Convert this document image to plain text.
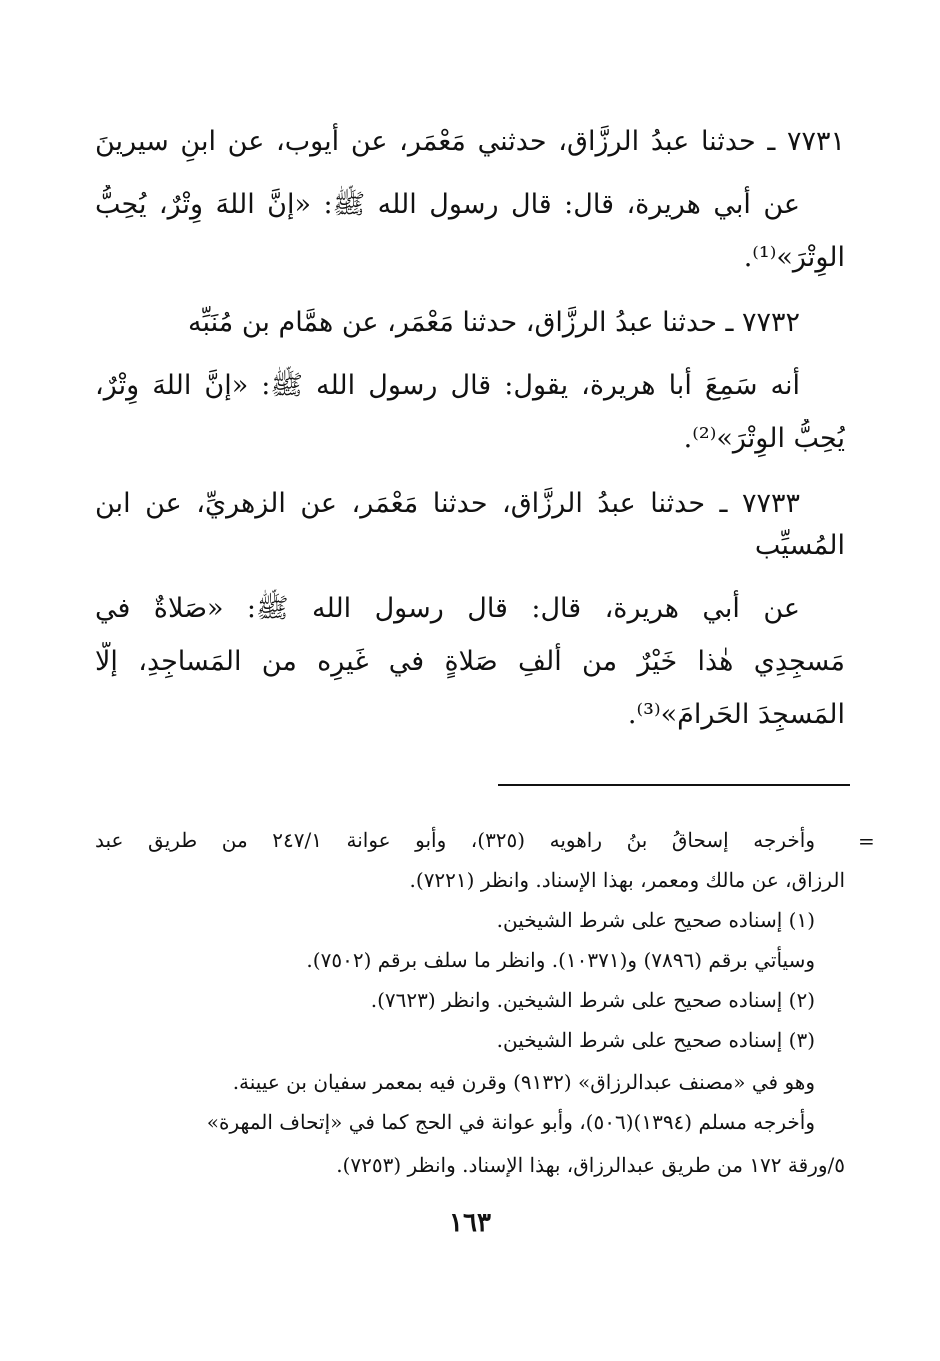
٧٧٣١ ـ حدثنا عبدُ الرزَّاق، حدثني مَعْمَر، عن أيوب، عن ابنِ سيرينَ
عن أَبي هريرة، قال: قال رسول الله ﷺ: «إنَّ اللهَ وِتْرٌ، يُحِبُّ
الوِتْرَ»⁽¹⁾.
٧٧٣٢ ـ حدثنا عبدُ الرزَّاق، حدثنا مَعْمَر، عن همَّام بن مُنَبِّه
أنه سَمِعَ أَبا هريرة، يقول: قال رسول الله ﷺ: «إنَّ اللهَ وِتْرٌ،
يُحِبُّ الوِتْرَ»⁽²⁾.
٧٧٣٣ ـ حدثنا عبدُ الرزَّاق، حدثنا مَعْمَر، عن الزهريِّ، عن ابن
المُسيِّب
عن أَبي هريرة، قال: قال رسول الله ﷺ: «صَلاةٌ في
مَسجِدِي هٰذا خَيْرٌ من ألفِ صَلاةٍ في غَيرِه من المَساجِدِ، إلَّا
المَسجِدَ الحَرامَ»⁽³⁾.
=
وأخرجه إسحاقُ بنُ راهويه (٣٢٥)، وأبو عوانة ٢٤٧/١ من طريق عبد
الرزاق، عن مالك ومعمر، بهذا الإسناد. وانظر (٧٢٢١).
(١) إسناده صحيح على شرط الشيخين.
وسيأتي برقم (٧٨٩٦) و(١٠٣٧١). وانظر ما سلف برقم (٧٥٠٢).
(٢) إسناده صحيح على شرط الشيخين. وانظر (٧٦٢٣).
(٣) إسناده صحيح على شرط الشيخين.
وهو في «مصنف عبدالرزاق» (٩١٣٢) وقرن فيه بمعمر سفيان بن عيينة.
وأخرجه مسلم (١٣٩٤)(٥٠٦)، وأبو عوانة في الحج كما في «إتحاف المهرة»
٥/ورقة ١٧٢ من طريق عبدالرزاق، بهذا الإسناد. وانظر (٧٢٥٣).
١٦٣
